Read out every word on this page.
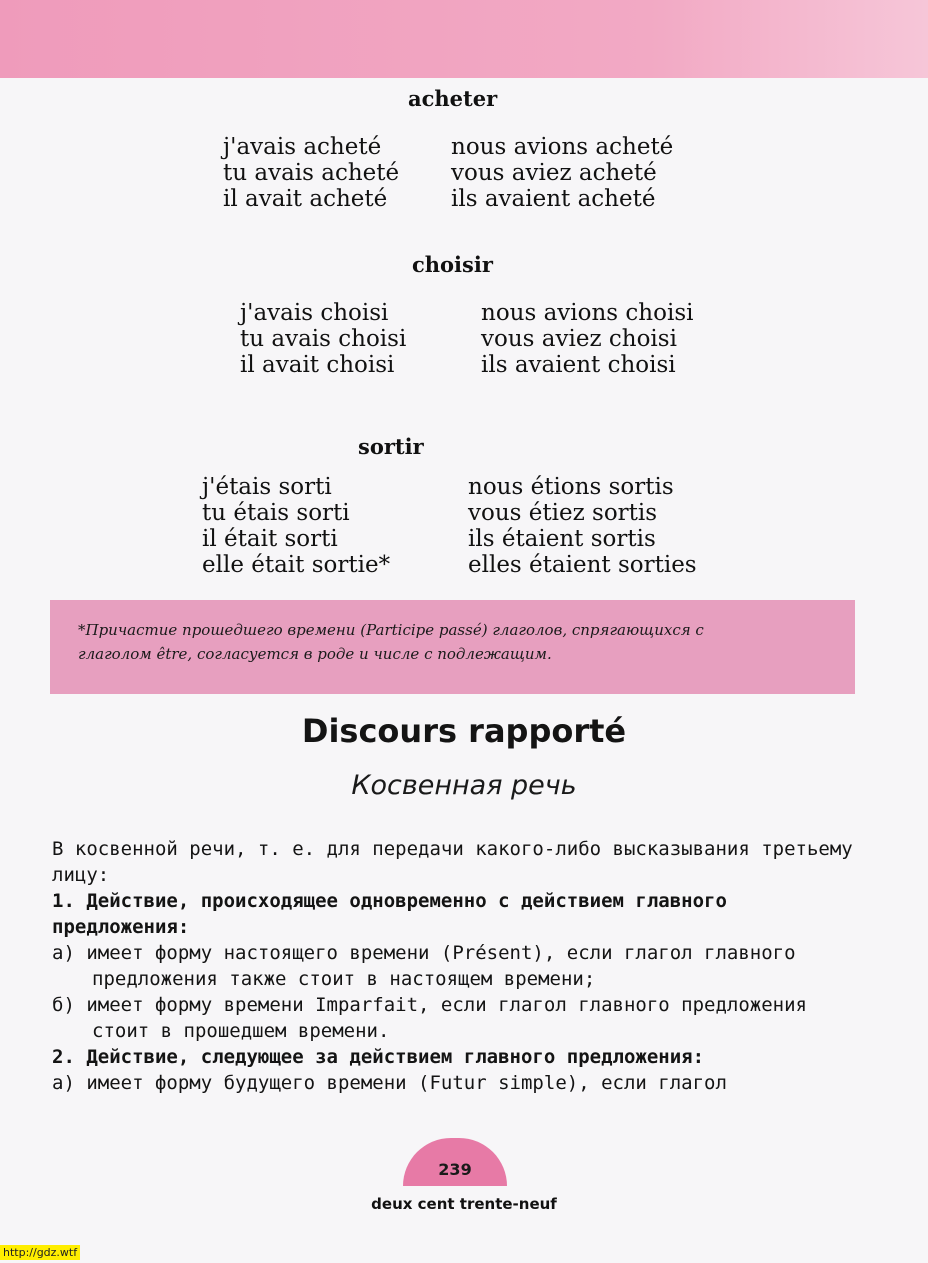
acheter
j'avais acheté
tu avais acheté
il avait acheté
nous avions acheté
vous aviez acheté
ils avaient acheté
choisir
j'avais choisi
tu avais choisi
il avait choisi
nous avions choisi
vous aviez choisi
ils avaient choisi
sortir
j'étais sorti
tu étais sorti
il était sorti
elle était sortie*
nous étions sortis
vous étiez sortis
ils étaient sortis
elles étaient sorties
*Причастие прошедшего времени (Participe passé) глаголов, спрягающихся с
глаголом être, согласуется в роде и числе с подлежащим.
Discours rapporté
Косвенная речь

В косвенной речи, т. е. для передачи какого-либо высказывания третьему лицу:

1. Действие, происходящее одновременно с действием главного предложения:

а) имеет форму настоящего времени (Présent), если глагол главного предложения также стоит в настоящем времени;

б) имеет форму времени Imparfait, если глагол главного предложения стоит в прошедшем времени.

2. Действие, следующее за действием главного предложения:

а) имеет форму будущего времени (Futur simple), если глагол

239
deux cent trente-neuf
http://gdz.wtf
